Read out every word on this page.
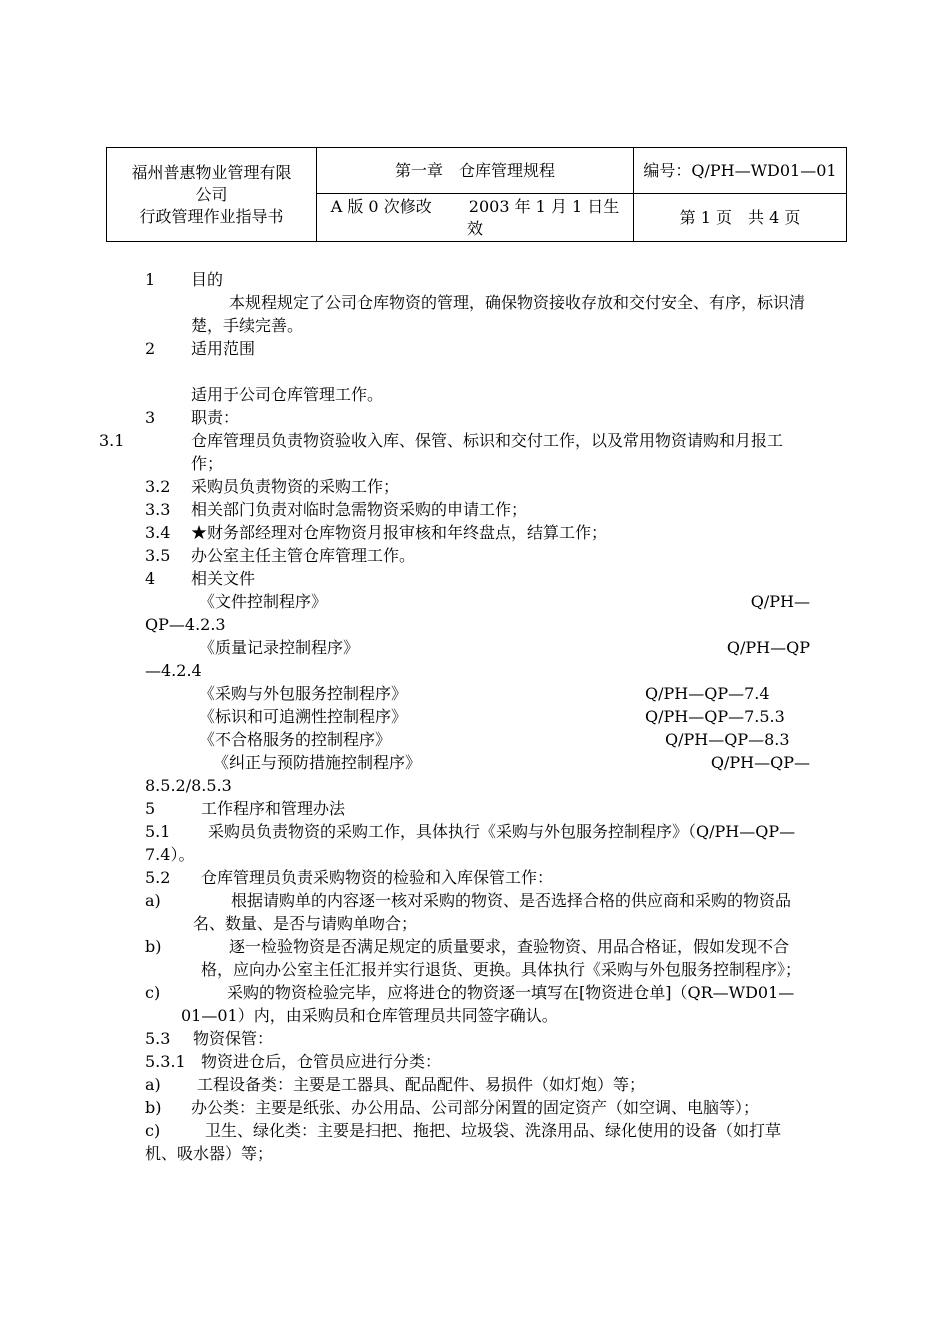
福州普惠物业管理有限
公司
行政管理作业指导书	第一章　仓库管理规程	编号：Q/PH—WD01—01
	A 版 0 次修改　　 2003 年 1 月 1 日生效	第 1 页　共 4 页
1 目的
本规程规定了公司仓库物资的管理，确保物资接收存放和交付安全、有序，标识清楚，手续完善。
2 适用范围
适用于公司仓库管理工作。
3 职责：
3.1	仓库管理员负责物资验收入库、保管、标识和交付工作，以及常用物资请购和月报工作；
3.2 采购员负责物资的采购工作；
3.3 相关部门负责对临时急需物资采购的申请工作；
3.4 ★财务部经理对仓库物资月报审核和年终盘点，结算工作；
3.5 办公室主任主管仓库管理工作。
4 相关文件
《文件控制程序》	Q/PH—
QP—4.2.3
《质量记录控制程序》	Q/PH—QP
—4.2.4
《采购与外包服务控制程序》	Q/PH—QP—7.4
《标识和可追溯性控制程序》	Q/PH—QP—7.5.3
《不合格服务的控制程序》	Q/PH—QP—8.3
《纠正与预防措施控制程序》	Q/PH—QP—
8.5.2/8.5.3
5	工作程序和管理办法
5.1 采购员负责物资的采购工作，具体执行《采购与外包服务控制程序》（Q/PH—QP—7.4）。
5.2 仓库管理员负责采购物资的检验和入库保管工作：
a)	根据请购单的内容逐一核对采购的物资、是否选择合格的供应商和采购的物资品名、数量、是否与请购单吻合；
b)	逐一检验物资是否满足规定的质量要求，查验物资、用品合格证，假如发现不合格，应向办公室主任汇报并实行退货、更换。具体执行《采购与外包服务控制程序》；
c)	采购的物资检验完毕，应将进仓的物资逐一填写在[物资进仓单]（QR—WD01—01—01）内，由采购员和仓库管理员共同签字确认。
5.3 物资保管：
5.3.1 物资进仓后，仓管员应进行分类：
a) 工程设备类：主要是工器具、配品配件、易损件（如灯炮）等；
b) 办公类：主要是纸张、办公用品、公司部分闲置的固定资产（如空调、电脑等）；
c)	卫生、绿化类：主要是扫把、拖把、垃圾袋、洗涤用品、绿化使用的设备（如打草机、吸水器）等；
